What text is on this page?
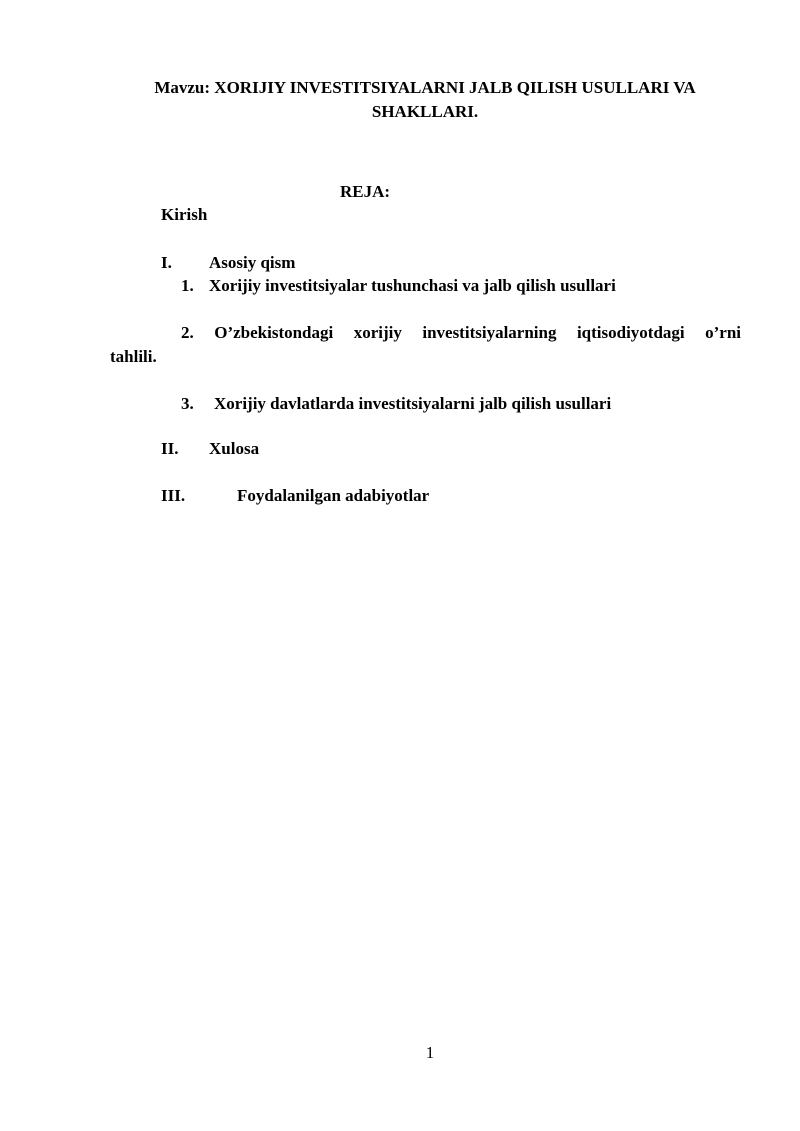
Mavzu: XORIJIY INVESTITSIYALARNI JALB QILISH USULLARI VA SHAKLLARI.
REJA:
Kirish
I. Asosiy qism
1. Xorijiy investitsiyalar tushunchasi va jalb qilish usullari
2. O’zbekistondagi xorijiy investitsiyalarning iqtisodiyotdagi o’rni
tahlili.
3. Xorijiy davlatlarda investitsiyalarni jalb qilish usullari
II. Xulosa
III.	Foydalanilgan adabiyotlar
1
